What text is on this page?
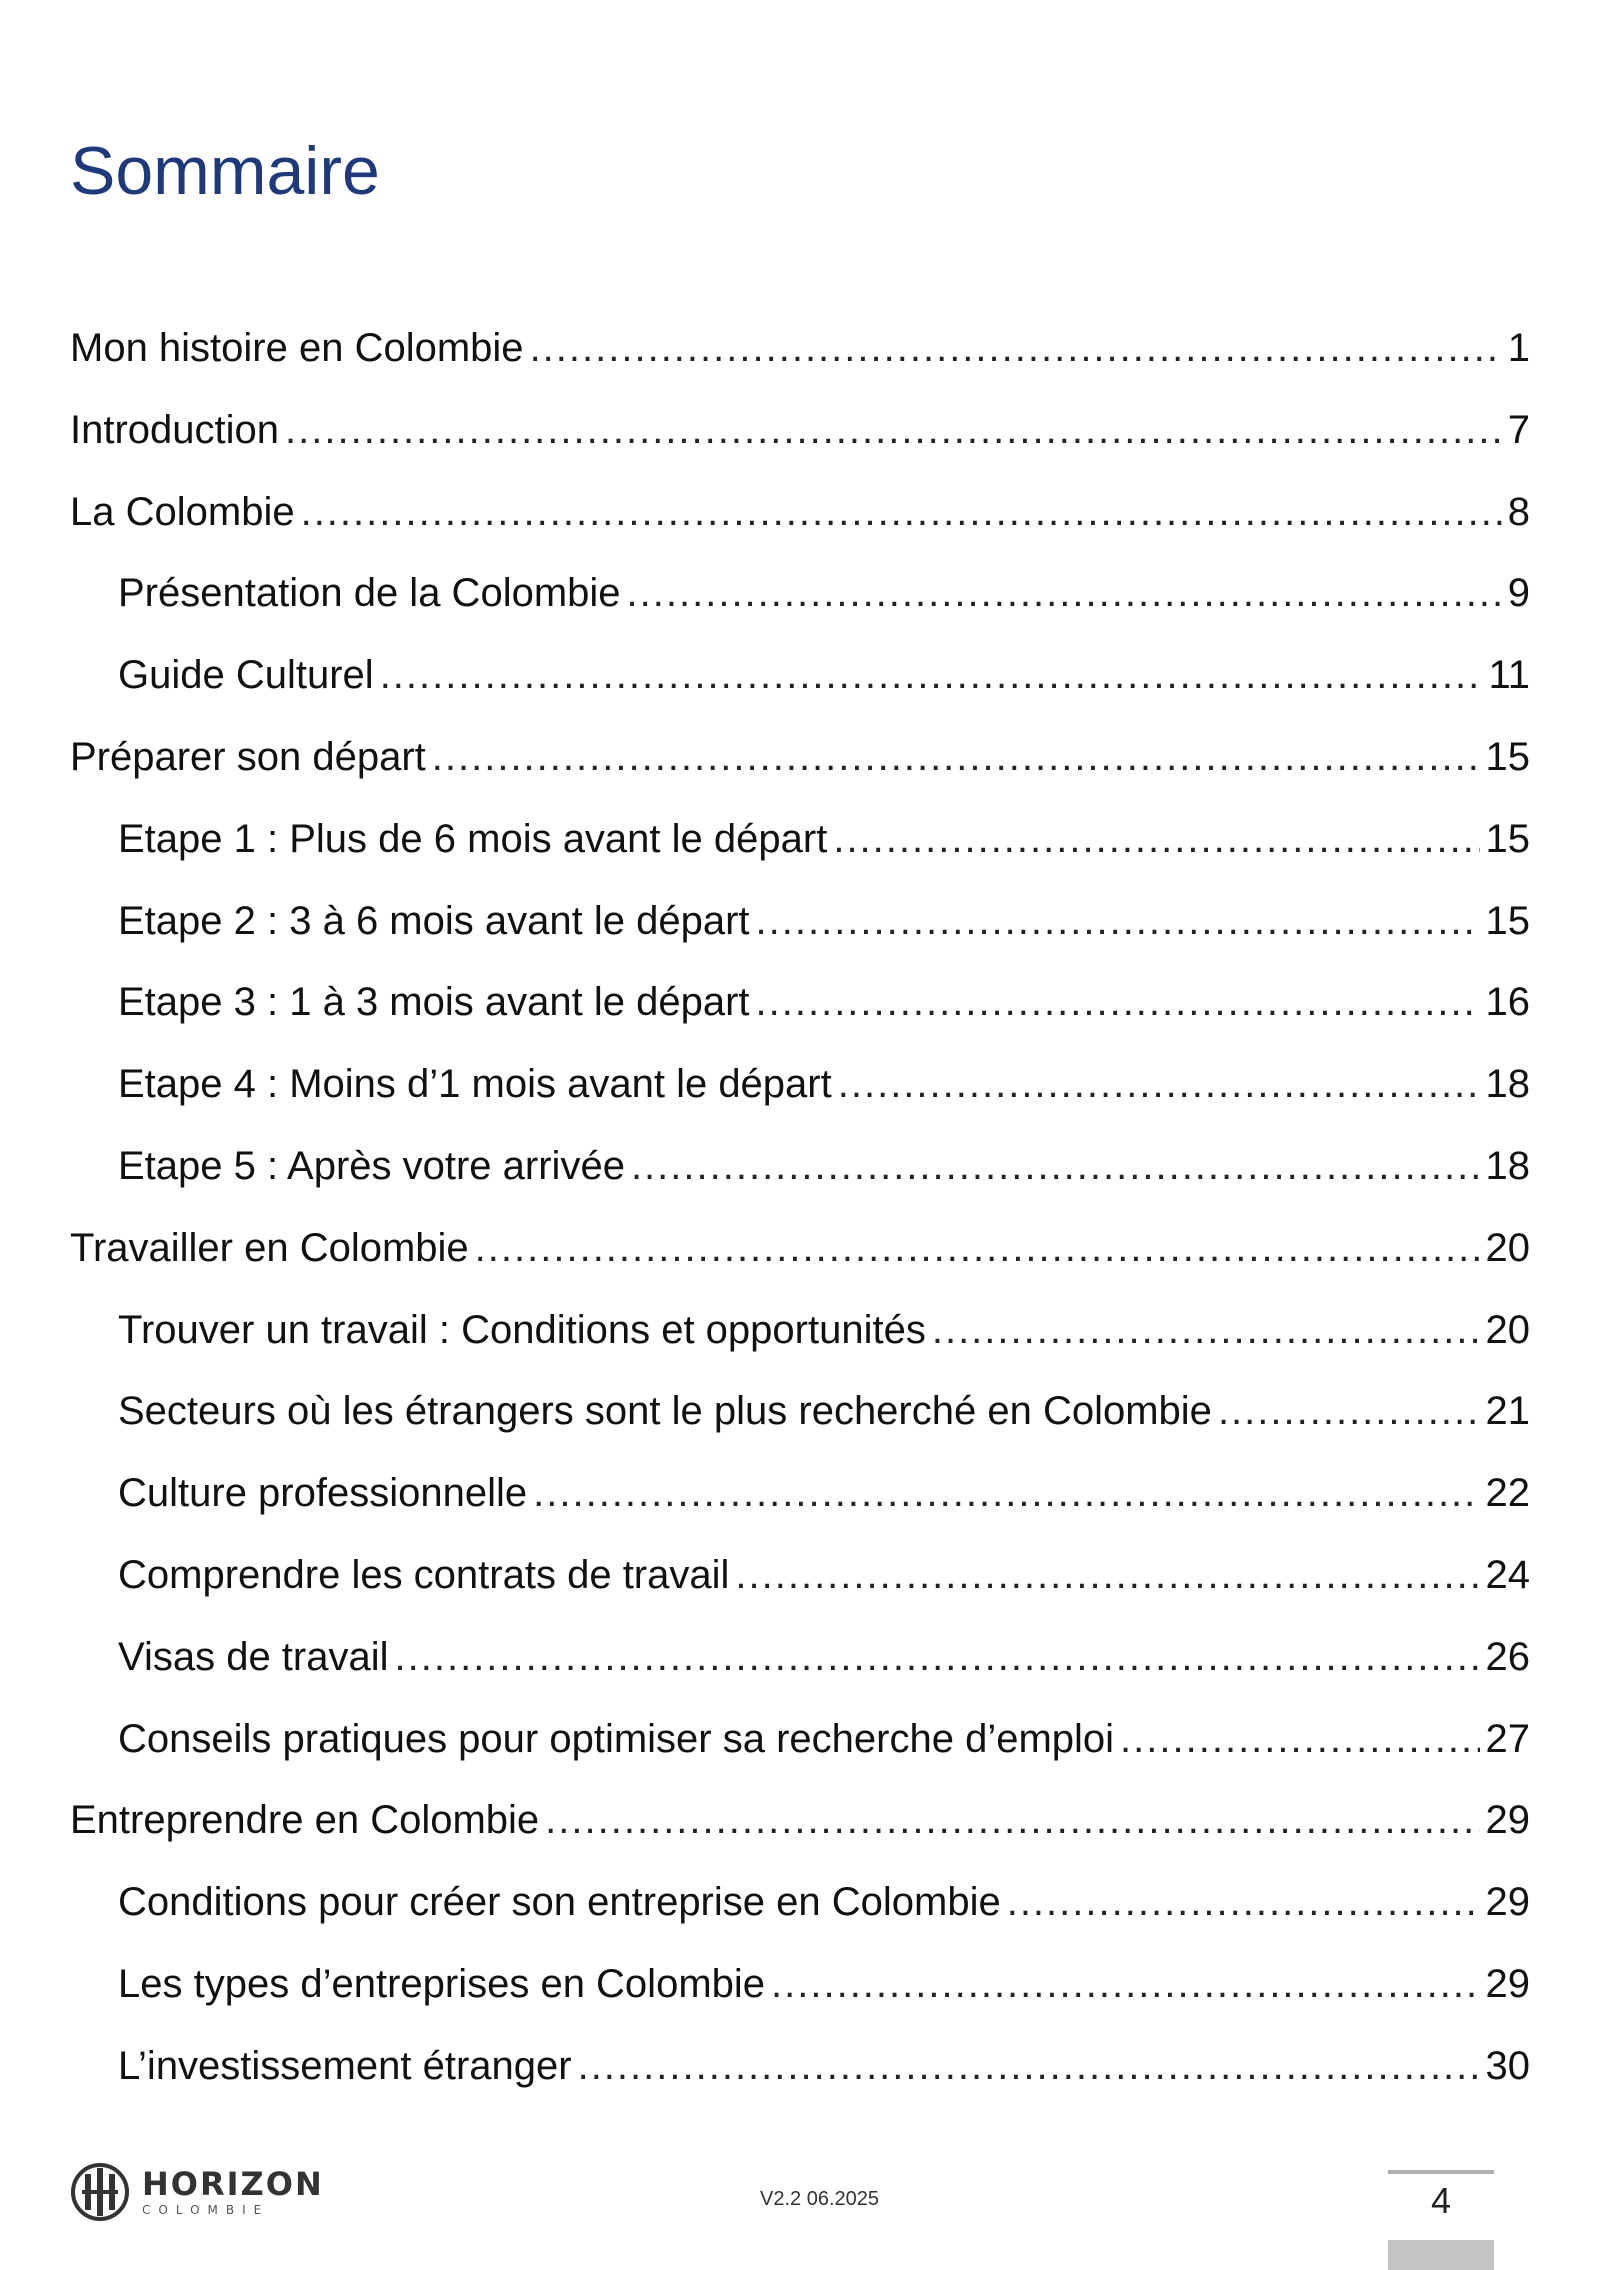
Sommaire
Mon histoire en Colombie .....	1
Introduction .....	7
La Colombie .....	8
Présentation de la Colombie .....	9
Guide Culturel .....	11
Préparer son départ .....	15
Etape 1 : Plus de 6 mois avant le départ .....	15
Etape 2 : 3 à 6 mois avant le départ .....	15
Etape 3 : 1 à 3 mois avant le départ .....	16
Etape 4 : Moins d’1 mois avant le départ .....	18
Etape 5 : Après votre arrivée .....	18
Travailler en Colombie .....	20
Trouver un travail : Conditions et opportunités .....	20
Secteurs où les étrangers sont le plus recherché en Colombie .....	21
Culture professionnelle .....	22
Comprendre les contrats de travail .....	24
Visas de travail .....	26
Conseils pratiques pour optimiser sa recherche d’emploi .....	27
Entreprendre en Colombie .....	29
Conditions pour créer son entreprise en Colombie .....	29
Les types d’entreprises en Colombie .....	29
L’investissement étranger .....	30
HORIZON
COLOMBIE	V2.2 06.2025	4
